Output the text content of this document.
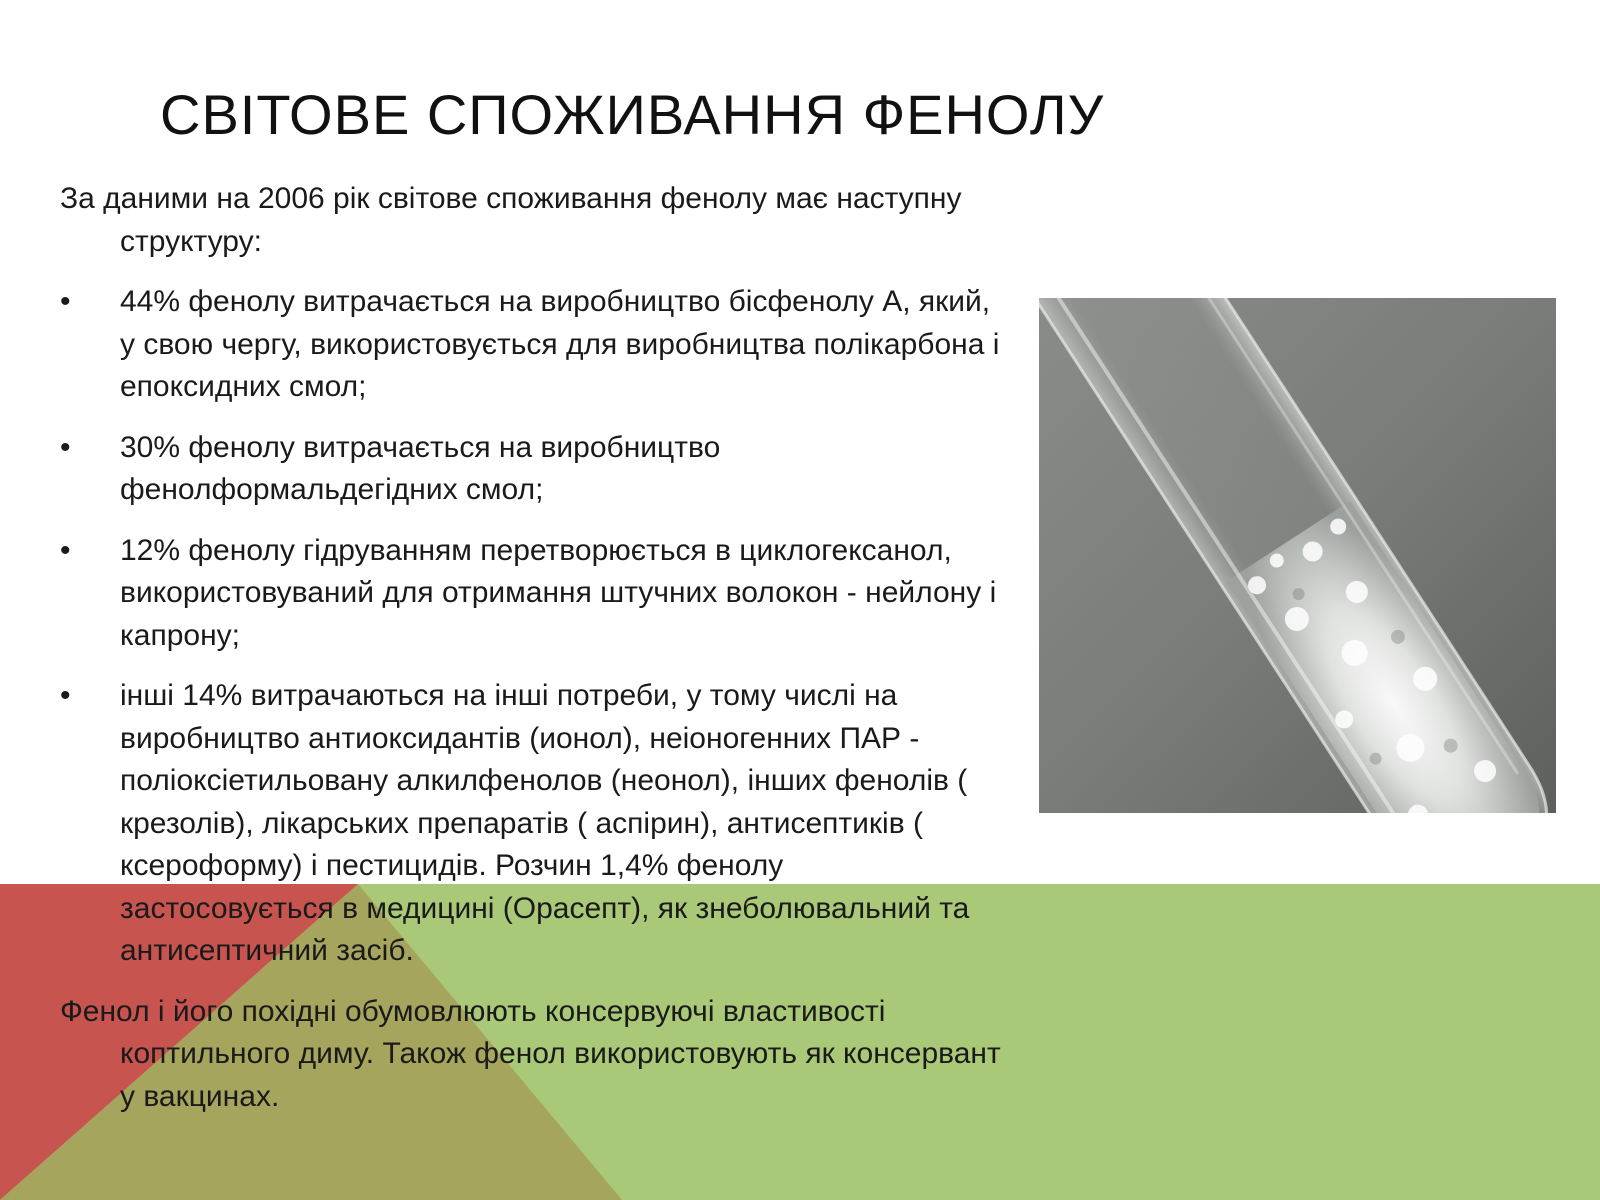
СВІТОВЕ СПОЖИВАННЯ ФЕНОЛУ

За даними на 2006 рік світове споживання фенолу має наступну структуру:

•	44% фенолу витрачається на виробництво бісфенолу А, який, у свою чергу, використовується для виробництва полікарбона і епоксидних смол;
•	30% фенолу витрачається на виробництво фенолформальдегідних смол;
•	12% фенолу гідруванням перетворюється в циклогексанол, використовуваний для отримання штучних волокон - нейлону і капрону;
•	інші 14% витрачаються на інші потреби, у тому числі на виробництво антиоксидантів (ионол), неіоногенних ПАР - поліоксіетильовану алкилфенолов (неонол), інших фенолів ( крезолів), лікарських препаратів ( аспірин), антисептиків ( ксероформу) і пестицидів. Розчин 1,4% фенолу застосовується в медицині (Орасепт), як знеболювальний та антисептичний засіб.

Фенол і його похідні обумовлюють консервуючі властивості коптильного диму. Також фенол використовують як консервант у вакцинах.
